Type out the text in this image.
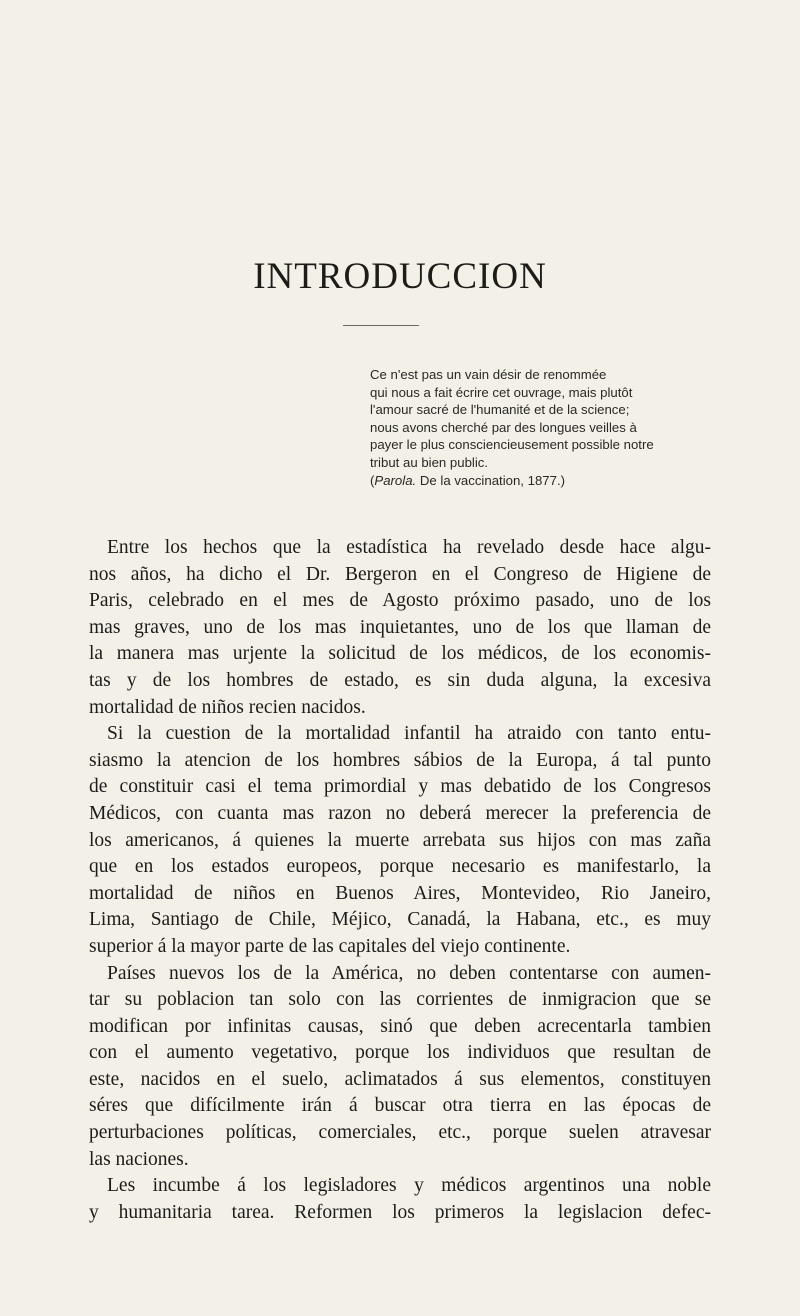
INTRODUCCION
Ce n'est pas un vain désir de renommée
qui nous a fait écrire cet ouvrage, mais plutôt
l'amour sacré de l'humanité et de la science;
nous avons cherché par des longues veilles à
payer le plus consciencieusement possible notre
tribut au bien public.
(Parola. De la vaccination, 1877.)
Entre los hechos que la estadística ha revelado desde hace algu-
nos años, ha dicho el Dr. Bergeron en el Congreso de Higiene de
Paris, celebrado en el mes de Agosto próximo pasado, uno de los
mas graves, uno de los mas inquietantes, uno de los que llaman de
la manera mas urjente la solicitud de los médicos, de los economis-
tas y de los hombres de estado, es sin duda alguna, la excesiva
mortalidad de niños recien nacidos.
Si la cuestion de la mortalidad infantil ha atraido con tanto entu-
siasmo la atencion de los hombres sábios de la Europa, á tal punto
de constituir casi el tema primordial y mas debatido de los Congresos
Médicos, con cuanta mas razon no deberá merecer la preferencia de
los americanos, á quienes la muerte arrebata sus hijos con mas zaña
que en los estados europeos, porque necesario es manifestarlo, la
mortalidad de niños en Buenos Aires, Montevideo, Rio Janeiro,
Lima, Santiago de Chile, Méjico, Canadá, la Habana, etc., es muy
superior á la mayor parte de las capitales del viejo continente.
Países nuevos los de la América, no deben contentarse con aumen-
tar su poblacion tan solo con las corrientes de inmigracion que se
modifican por infinitas causas, sinó que deben acrecentarla tambien
con el aumento vegetativo, porque los individuos que resultan de
este, nacidos en el suelo, aclimatados á sus elementos, constituyen
séres que difícilmente irán á buscar otra tierra en las épocas de
perturbaciones políticas, comerciales, etc., porque suelen atravesar
las naciones.
Les incumbe á los legisladores y médicos argentinos una noble
y humanitaria tarea. Reformen los primeros la legislacion defec-
